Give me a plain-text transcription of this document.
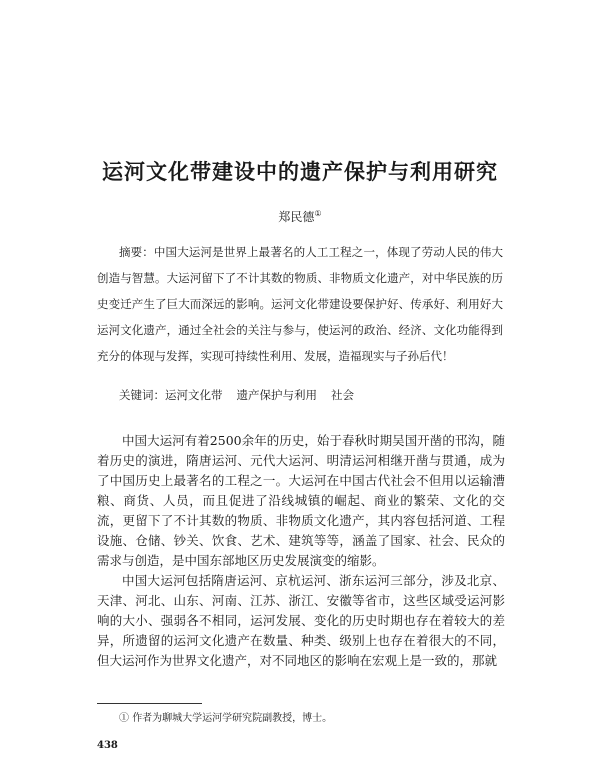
运河文化带建设中的遗产保护与利用研究
郑民德①
摘要：中国大运河是世界上最著名的人工工程之一，体现了劳动人民的伟大创造与智慧。大运河留下了不计其数的物质、非物质文化遗产，对中华民族的历史变迁产生了巨大而深远的影响。运河文化带建设要保护好、传承好、利用好大运河文化遗产，通过全社会的关注与参与，使运河的政治、经济、文化功能得到充分的体现与发挥，实现可持续性利用、发展，造福现实与子孙后代！
关键词：运河文化带 遗产保护与利用 社会

中国大运河有着2500余年的历史，始于春秋时期吴国开凿的邗沟，随着历史的演进，隋唐运河、元代大运河、明清运河相继开凿与贯通，成为了中国历史上最著名的工程之一。大运河在中国古代社会不但用以运输漕粮、商货、人员，而且促进了沿线城镇的崛起、商业的繁荣、文化的交流，更留下了不计其数的物质、非物质文化遗产，其内容包括河道、工程设施、仓储、钞关、饮食、艺术、建筑等等，涵盖了国家、社会、民众的需求与创造，是中国东部地区历史发展演变的缩影。

中国大运河包括隋唐运河、京杭运河、浙东运河三部分，涉及北京、天津、河北、山东、河南、江苏、浙江、安徽等省市，这些区域受运河影响的大小、强弱各不相同，运河发展、变化的历史时期也存在着较大的差异，所遗留的运河文化遗产在数量、种类、级别上也存在着很大的不同，但大运河作为世界文化遗产，对不同地区的影响在宏观上是一致的，那就

① 作者为聊城大学运河学研究院副教授，博士。
438
